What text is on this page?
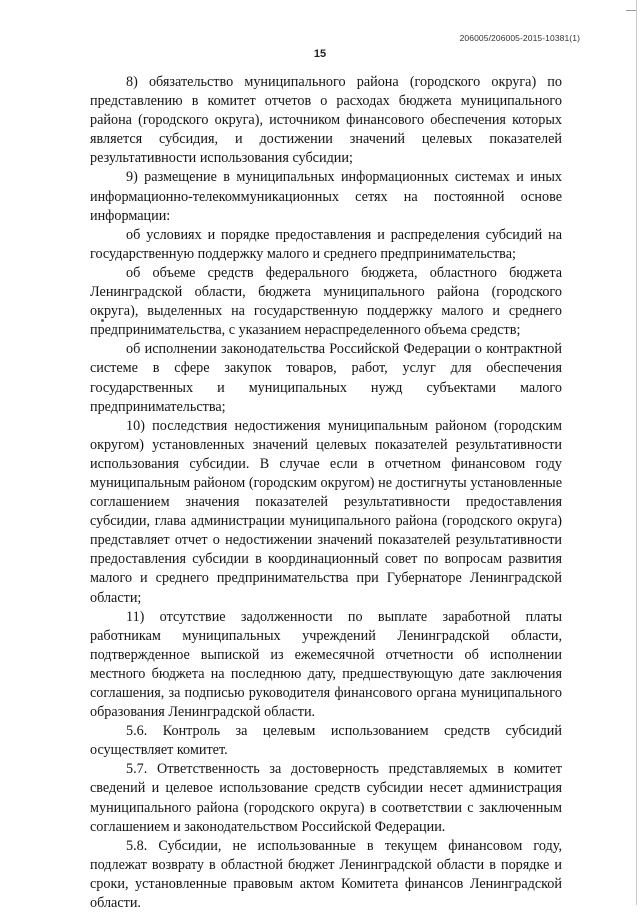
206005/206005-2015-10381(1)
15

8) обязательство муниципального района (городского округа) по представлению в комитет отчетов о расходах бюджета муниципального района (городского округа), источником финансового обеспечения которых является субсидия, и достижении значений целевых показателей результативности использования субсидии;

9) размещение в муниципальных информационных системах и иных информационно-телекоммуникационных сетях на постоянной основе информации:

об условиях и порядке предоставления и распределения субсидий на государственную поддержку малого и среднего предпринимательства;

об объеме средств федерального бюджета, областного бюджета Ленинградской области, бюджета муниципального района (городского округа), выделенных на государственную поддержку малого и среднего предпринимательства, с указанием нераспределенного объема средств;

об исполнении законодательства Российской Федерации о контрактной системе в сфере закупок товаров, работ, услуг для обеспечения государственных и муниципальных нужд субъектами малого предпринимательства;

10) последствия недостижения муниципальным районом (городским округом) установленных значений целевых показателей результативности использования субсидии. В случае если в отчетном финансовом году муниципальным районом (городским округом) не достигнуты установленные соглашением значения показателей результативности предоставления субсидии, глава администрации муниципального района (городского округа) представляет отчет о недостижении значений показателей результативности предоставления субсидии в координационный совет по вопросам развития малого и среднего предпринимательства при Губернаторе Ленинградской области;

11) отсутствие задолженности по выплате заработной платы работникам муниципальных учреждений Ленинградской области, подтвержденное выпиской из ежемесячной отчетности об исполнении местного бюджета на последнюю дату, предшествующую дате заключения соглашения, за подписью руководителя финансового органа муниципального образования Ленинградской области.

5.6. Контроль за целевым использованием средств субсидий осуществляет комитет.

5.7. Ответственность за достоверность представляемых в комитет сведений и целевое использование средств субсидии несет администрация муниципального района (городского округа) в соответствии с заключенным соглашением и законодательством Российской Федерации.

5.8. Субсидии, не использованные в текущем финансовом году, подлежат возврату в областной бюджет Ленинградской области в порядке и сроки, установленные правовым актом Комитета финансов Ленинградской области.
